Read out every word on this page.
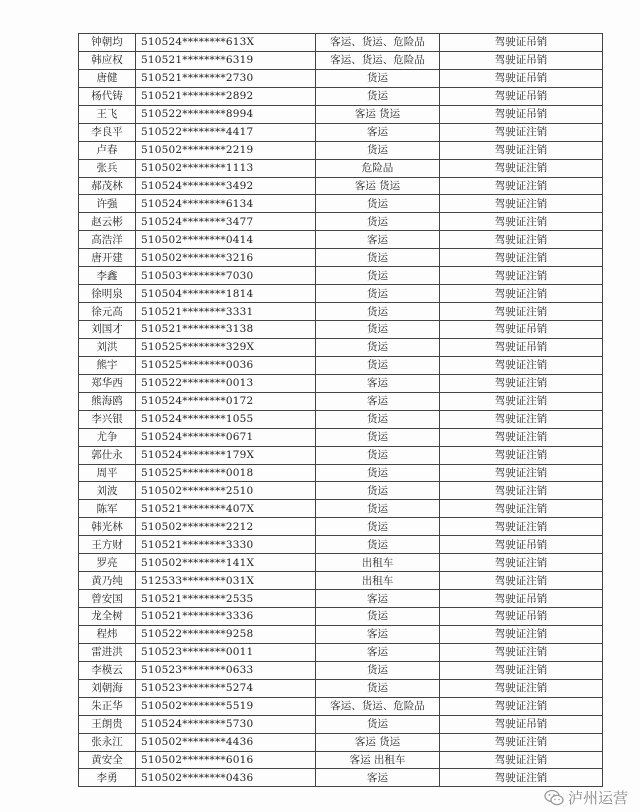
钟朝均	510524********613X	客运、货运、危险品	驾驶证吊销
韩应权	510521********6319	客运、货运、危险品	驾驶证吊销
唐健	510521********2730	货运	驾驶证吊销
杨代铸	510521********2892	货运	驾驶证吊销
王飞	510522********8994	客运 货运	驾驶证吊销
李良平	510522********4417	客运	驾驶证注销
卢春	510502********2219	货运	驾驶证注销
张兵	510502********1113	危险品	驾驶证注销
郝茂林	510524********3492	客运 货运	驾驶证注销
许强	510524********6134	货运	驾驶证注销
赵云彬	510524********3477	货运	驾驶证注销
高浩洋	510502********0414	客运	驾驶证注销
唐开建	510502********3216	货运	驾驶证注销
李鑫	510503********7030	货运	驾驶证注销
徐明泉	510504********1814	货运	驾驶证注销
徐元高	510521********3331	货运	驾驶证注销
刘国才	510521********3138	货运	驾驶证吊销
刘洪	510525********329X	货运	驾驶证吊销
熊宇	510525********0036	货运	驾驶证注销
郑华西	510522********0013	客运	驾驶证注销
熊海鸥	510524********0172	客运	驾驶证注销
李兴银	510524********1055	货运	驾驶证注销
尤争	510524********0671	货运	驾驶证注销
郭仕永	510524********179X	货运	驾驶证注销
周平	510525********0018	货运	驾驶证注销
刘波	510502********2510	货运	驾驶证注销
陈军	510521********407X	货运	驾驶证注销
韩光林	510502********2212	货运	驾驶证注销
王方财	510521********3330	货运	驾驶证吊销
罗亮	510502********141X	出租车	驾驶证注销
黄乃纯	512533********031X	出租车	驾驶证注销
曾安国	510521********2535	客运	驾驶证吊销
龙全树	510521********3336	货运	驾驶证吊销
程炜	510522********9258	客运	驾驶证注销
雷进洪	510523********0011	客运	驾驶证注销
李模云	510523********0633	货运	驾驶证注销
刘朝海	510523********5274	货运	驾驶证注销
朱正华	510502********5519	客运、货运、危险品	驾驶证注销
王朗贵	510524********5730	货运	驾驶证吊销
张永江	510502********4436	客运 货运	驾驶证注销
黄安全	510502********6016	客运 出租车	驾驶证注销
李勇	510502********0436	客运	驾驶证注销
泸州运营
